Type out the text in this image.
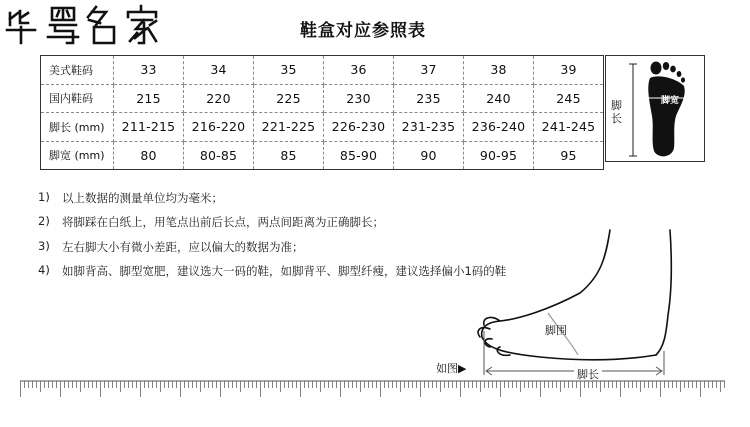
鞋盒对应参照表
美式鞋码	33	34	35	36	37	38	39
国内鞋码	215	220	225	230	235	240	245
脚长 (mm)	211-215	216-220	221-225	226-230	231-235	236-240	241-245
脚宽 (mm)	80	80-85	85	85-90	90	90-95	95
脚长
脚宽
1)	以上数据的测量单位均为毫米；
2)	将脚踩在白纸上，用笔点出前后长点，两点间距离为正确脚长；
3)	左右脚大小有微小差距，应以偏大的数据为准；
4)	如脚背高、脚型宽肥，建议选大一码的鞋，如脚背平、脚型纤瘦，建议选择偏小1码的鞋
脚围
如图▶	脚长
